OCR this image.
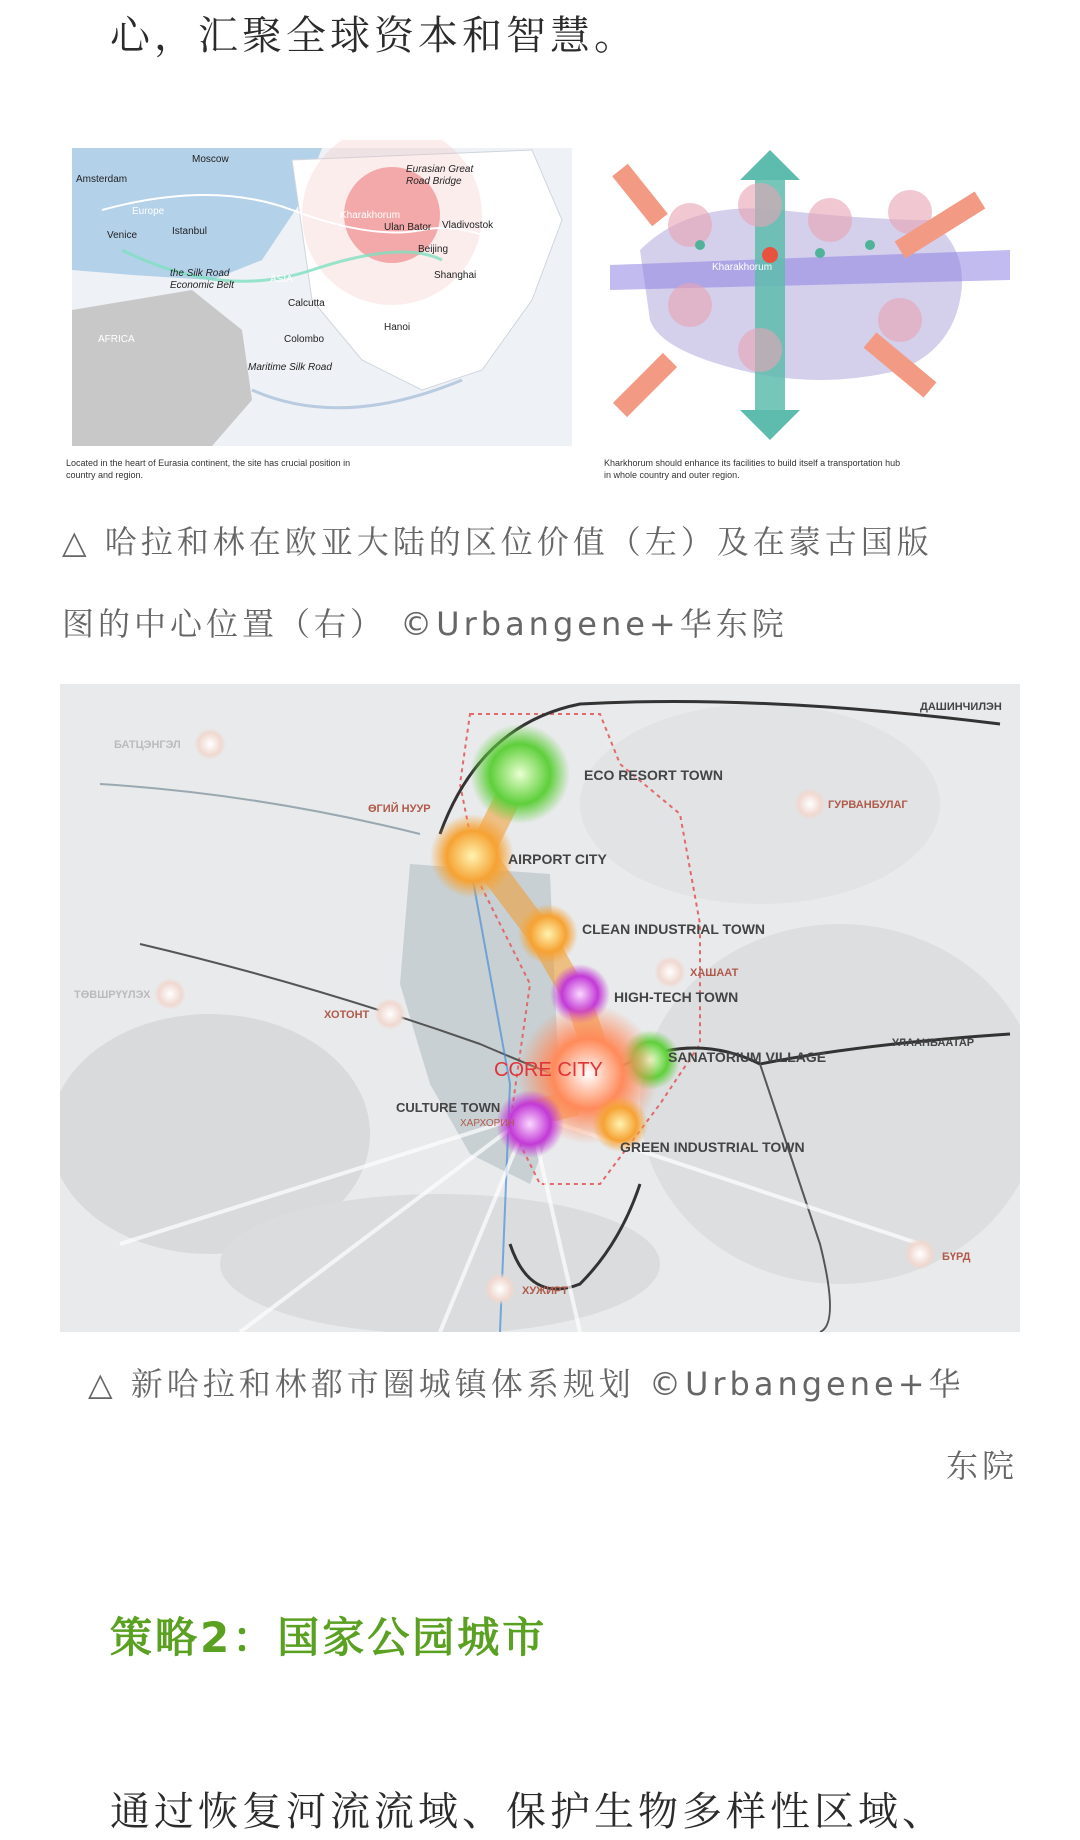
心，汇聚全球资本和智慧。
Moscow
Amsterdam
Europe
Venice	Istanbul
Kharakhorum
Ulan Bator Vladivostok
Beijing
Shanghai
ASIA
the Silk Road
Economic Belt
Calcutta
Hanoi
Colombo
Maritime Silk Road
AFRICA
Eurasian Great
Road Bridge
Located in the heart of Eurasia continent, the site has crucial position in
country and region.
Kharakhorum
Kharkhorum should enhance its facilities to build itself a transportation hub
in whole country and outer region.
△ 哈拉和林在欧亚大陆的区位价值（左）及在蒙古国版
图的中心位置（右） ©Urbangene+华东院
ECO RESORT TOWN
AIRPORT CITY
CLEAN INDUSTRIAL TOWN
HIGH-TECH TOWN
CORE CITY
SANATORIUM VILLAGE
CULTURE TOWN
GREEN INDUSTRIAL TOWN
ДАШИНЧИЛЭН
БАТЦЭНГЭЛ
ӨГИЙ НУУР	ГУРВАНБУЛАГ
ХАШААТ
ТӨВШРҮҮЛЭХ
ХОТОНТ
УЛААНБААТАР
ХАРХОРИН
ХУЖИРТ
БҮРД
△ 新哈拉和林都市圈城镇体系规划 ©Urbangene+华
东院
策略2：国家公园城市
通过恢复河流流域、保护生物多样性区域、
